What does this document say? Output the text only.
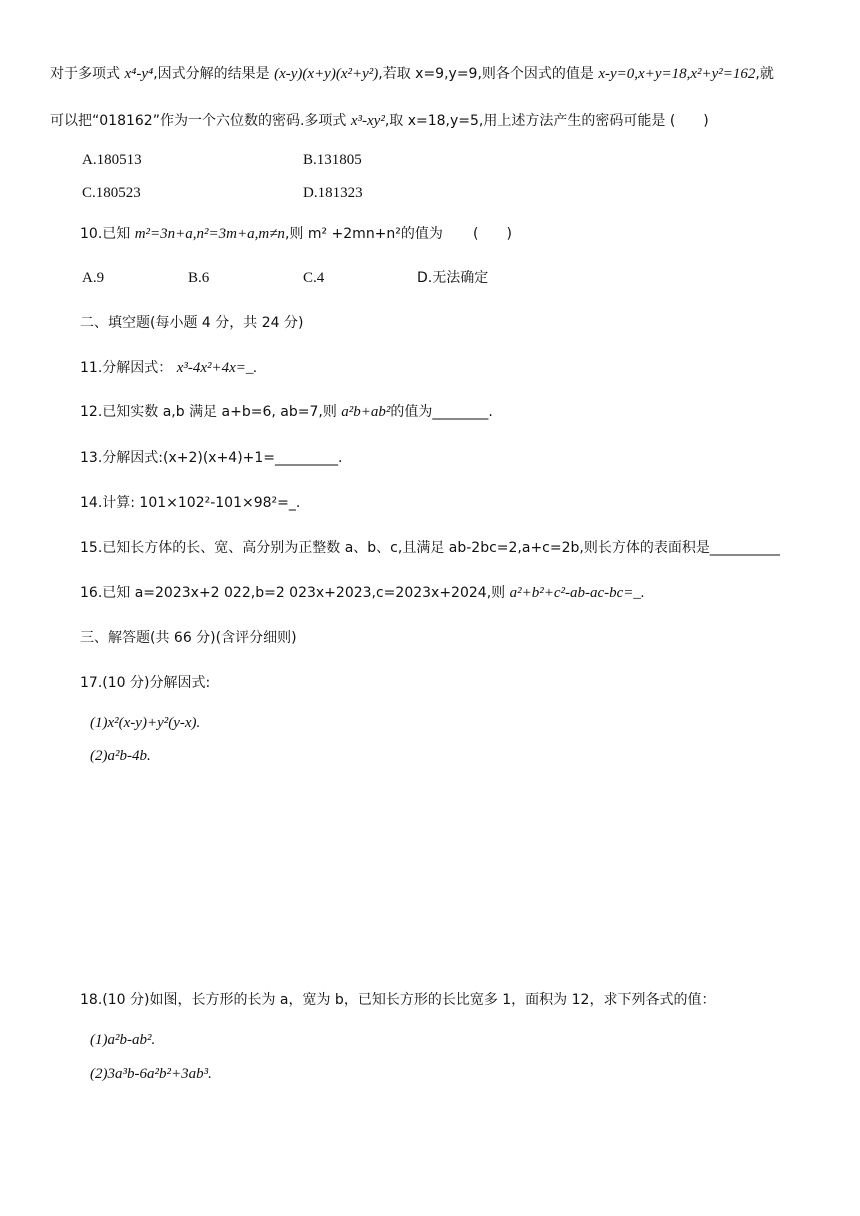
对于多项式 x⁴-y⁴,因式分解的结果是 (x-y)(x+y)(x²+y²),若取 x=9,y=9,则各个因式的值是 x-y=0,x+y=18,x²+y²=162,就
可以把“018162”作为一个六位数的密码.多项式 x³-xy²,取 x=18,y=5,用上述方法产生的密码可能是 (　　)
A.180513	B.131805
C.180523	D.181323
10.已知 m²=3n+a,n²=3m+a,m≠n,则 m² +2mn+n²的值为 (　　)
A.9	B.6	C.4	D.无法确定
二、填空题(每小题 4 分，共 24 分)
11.分解因式： x³-4x²+4x=_.
12.已知实数 a,b 满足 a+b=6, ab=7,则 a²b+ab²的值为________.
13.分解因式:(x+2)(x+4)+1=_________.
14.计算: 101×102²-101×98²=_.
15.已知长方体的长、宽、高分别为正整数 a、b、c,且满足 ab-2bc=2,a+c=2b,则长方体的表面积是__________
16.已知 a=2023x+2 022,b=2 023x+2023,c=2023x+2024,则 a²+b²+c²-ab-ac-bc=_.
三、解答题(共 66 分)(含评分细则)
17.(10 分)分解因式:
(1)x²(x-y)+y²(y-x).
(2)a²b-4b.
18.(10 分)如图，长方形的长为 a，宽为 b，已知长方形的长比宽多 1，面积为 12，求下列各式的值：
(1)a²b-ab².
(2)3a³b-6a²b²+3ab³.
